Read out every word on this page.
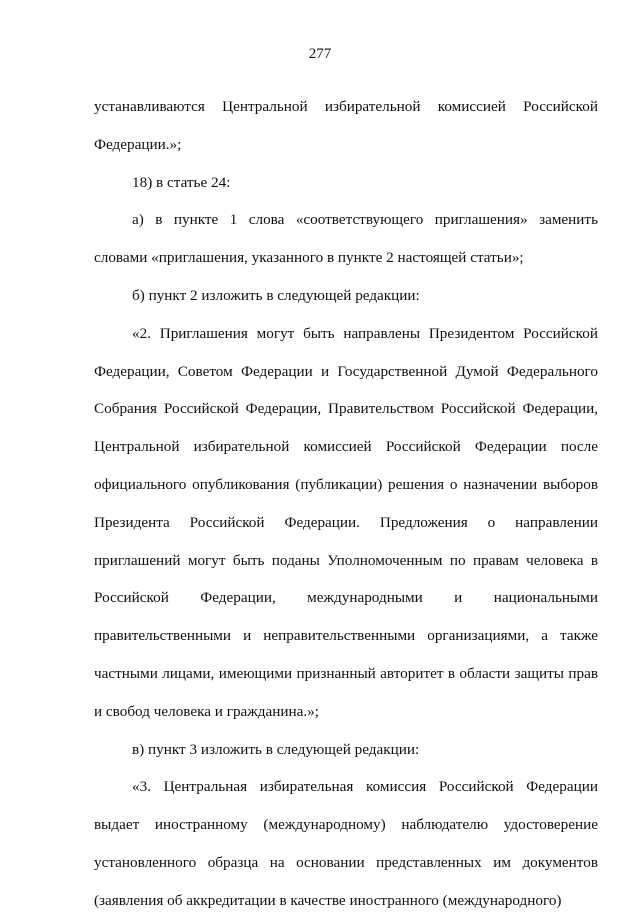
277

устанавливаются Центральной избирательной комиссией Российской Федерации.»;

18) в статье 24:

а) в пункте 1 слова «соответствующего приглашения» заменить словами «приглашения, указанного в пункте 2 настоящей статьи»;

б) пункт 2 изложить в следующей редакции:

«2. Приглашения могут быть направлены Президентом Российской Федерации, Советом Федерации и Государственной Думой Федерального Собрания Российской Федерации, Правительством Российской Федерации, Центральной избирательной комиссией Российской Федерации после официального опубликования (публикации) решения о назначении выборов Президента Российской Федерации. Предложения о направлении приглашений могут быть поданы Уполномоченным по правам человека в Российской Федерации, международными и национальными правительственными и неправительственными организациями, а также частными лицами, имеющими признанный авторитет в области защиты прав и свобод человека и гражданина.»;

в) пункт 3 изложить в следующей редакции:

«3. Центральная избирательная комиссия Российской Федерации выдает иностранному (международному) наблюдателю удостоверение установленного образца на основании представленных им документов (заявления об аккредитации в качестве иностранного (международного)
